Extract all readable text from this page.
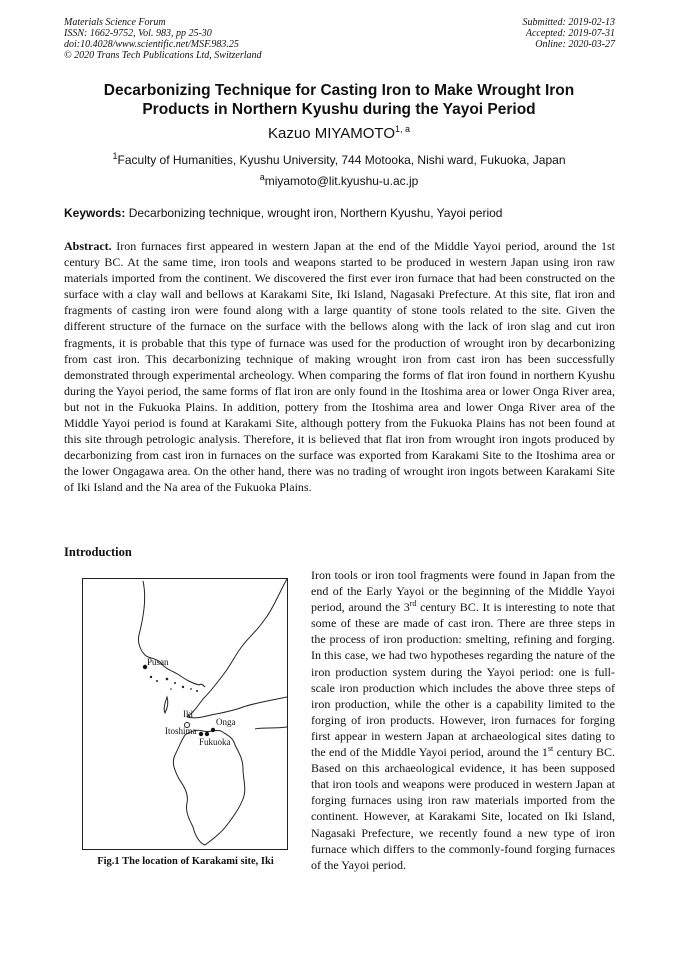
Materials Science Forum
ISSN: 1662-9752, Vol. 983, pp 25-30
doi:10.4028/www.scientific.net/MSF.983.25
© 2020 Trans Tech Publications Ltd, Switzerland
Submitted: 2019-02-13
Accepted: 2019-07-31
Online: 2020-03-27
Decarbonizing Technique for Casting Iron to Make Wrought Iron
Products in Northern Kyushu during the Yayoi Period
Kazuo MIYAMOTO$^{1, a}$
$^1$Faculty of Humanities, Kyushu University, 744 Motooka, Nishi ward, Fukuoka, Japan
$^a$miyamoto@lit.kyushu-u.ac.jp
Keywords: Decarbonizing technique, wrought iron, Northern Kyushu, Yayoi period
Abstract. Iron furnaces first appeared in western Japan at the end of the Middle Yayoi period, around the 1st century BC. At the same time, iron tools and weapons started to be produced in western Japan using iron raw materials imported from the continent. We discovered the first ever iron furnace that had been constructed on the surface with a clay wall and bellows at Karakami Site, Iki Island, Nagasaki Prefecture. At this site, flat iron and fragments of casting iron were found along with a large quantity of stone tools related to the site. Given the different structure of the furnace on the surface with the bellows along with the lack of iron slag and cut iron fragments, it is probable that this type of furnace was used for the production of wrought iron by decarbonizing from cast iron. This decarbonizing technique of making wrought iron from cast iron has been successfully demonstrated through experimental archeology. When comparing the forms of flat iron found in northern Kyushu during the Yayoi period, the same forms of flat iron are only found in the Itoshima area or lower Onga River area, but not in the Fukuoka Plains. In addition, pottery from the Itoshima area and lower Onga River area of the Middle Yayoi period is found at Karakami Site, although pottery from the Fukuoka Plains has not been found at this site through petrologic analysis. Therefore, it is believed that flat iron from wrought iron ingots produced by decarbonizing from cast iron in furnaces on the surface was exported from Karakami Site to the Itoshima area or the lower Ongagawa area. On the other hand, there was no trading of wrought iron ingots between Karakami Site of Iki Island and the Na area of the Fukuoka Plains.
Introduction
Pusan
Iki
Onga
Itoshima
Fukuoka
Fig.1 The location of Karakami site, Iki
Iron tools or iron tool fragments were found in Japan from the end of the Early Yayoi or the beginning of the Middle Yayoi period, around the 3rd century BC. It is interesting to note that some of these are made of cast iron. There are three steps in the process of iron production: smelting, refining and forging. In this case, we had two hypotheses regarding the nature of the iron production system during the Yayoi period: one is full-scale iron production which includes the above three steps of iron production, while the other is a capability limited to the forging of iron products. However, iron furnaces for forging first appear in western Japan at archaeological sites dating to the end of the Middle Yayoi period, around the 1st century BC. Based on this archaeological evidence, it has been supposed that iron tools and weapons were produced in western Japan at forging furnaces using iron raw materials imported from the continent. However, at Karakami Site, located on Iki Island, Nagasaki Prefecture, we recently found a new type of iron furnace which differs to the commonly-found forging furnaces of the Yayoi period.
